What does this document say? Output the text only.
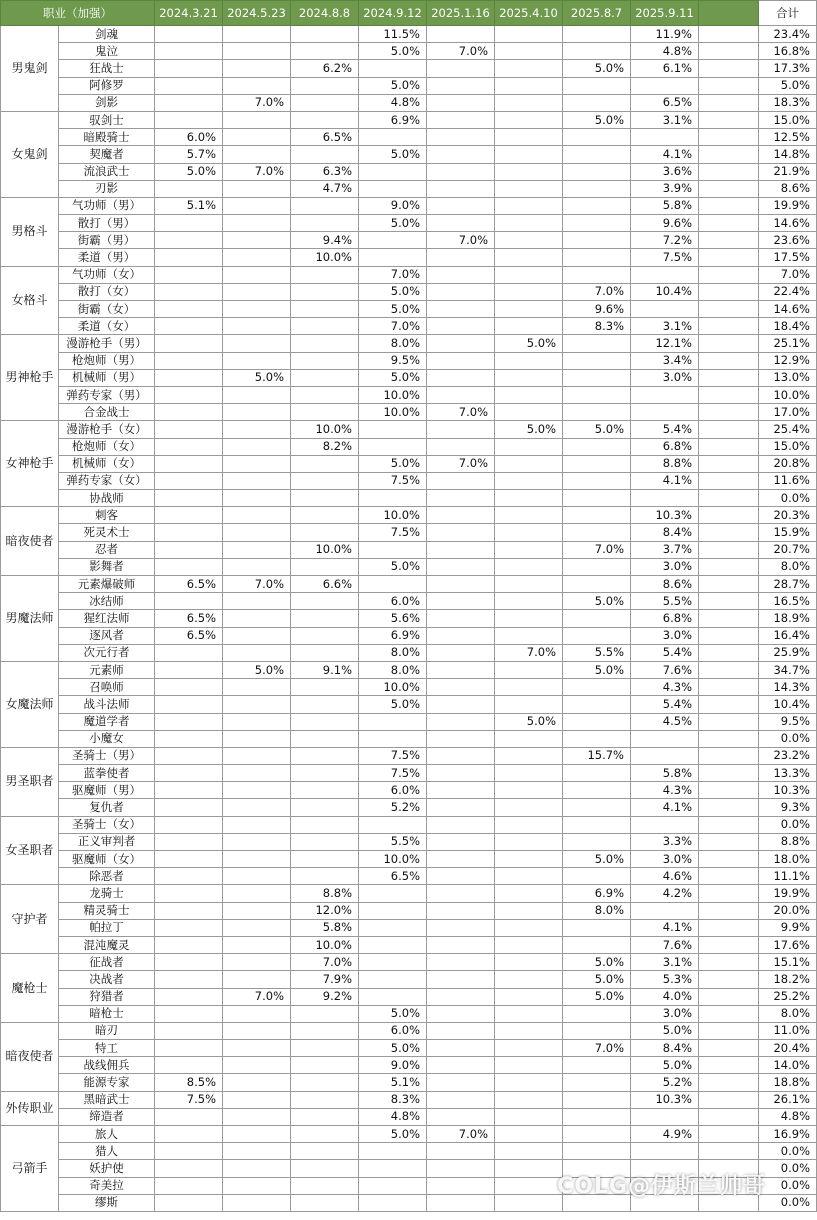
职业（加强）		2024.3.21	2024.5.23	2024.8.8	2024.9.12	2025.1.16	2025.4.10	2025.8.7	2025.9.11		合计
男鬼剑	剑魂				11.5%				11.9%		23.4%
	鬼泣				5.0%	7.0%			4.8%		16.8%
	狂战士			6.2%				5.0%	6.1%		17.3%
	阿修罗				5.0%						5.0%
	剑影		7.0%		4.8%				6.5%		18.3%
女鬼剑	驭剑士				6.9%			5.0%	3.1%		15.0%
	暗殿骑士	6.0%		6.5%							12.5%
	契魔者	5.7%			5.0%				4.1%		14.8%
	流浪武士	5.0%	7.0%	6.3%					3.6%		21.9%
	刃影			4.7%					3.9%		8.6%
男格斗	气功师（男）	5.1%			9.0%				5.8%		19.9%
	散打（男）				5.0%				9.6%		14.6%
	街霸（男）			9.4%		7.0%			7.2%		23.6%
	柔道（男）			10.0%					7.5%		17.5%
女格斗	气功师（女）				7.0%						7.0%
	散打（女）				5.0%			7.0%	10.4%		22.4%
	街霸（女）				5.0%			9.6%			14.6%
	柔道（女）				7.0%			8.3%	3.1%		18.4%
男神枪手	漫游枪手（男）				8.0%		5.0%		12.1%		25.1%
	枪炮师（男）				9.5%				3.4%		12.9%
	机械师（男）		5.0%		5.0%				3.0%		13.0%
	弹药专家（男）				10.0%						10.0%
	合金战士				10.0%	7.0%					17.0%
女神枪手	漫游枪手（女）			10.0%			5.0%	5.0%	5.4%		25.4%
	枪炮师（女）			8.2%					6.8%		15.0%
	机械师（女）				5.0%	7.0%			8.8%		20.8%
	弹药专家（女）				7.5%				4.1%		11.6%
	协战师										0.0%
暗夜使者	刺客				10.0%				10.3%		20.3%
	死灵术士				7.5%				8.4%		15.9%
	忍者			10.0%				7.0%	3.7%		20.7%
	影舞者				5.0%				3.0%		8.0%
男魔法师	元素爆破师	6.5%	7.0%	6.6%					8.6%		28.7%
	冰结师				6.0%			5.0%	5.5%		16.5%
	猩红法师	6.5%			5.6%				6.8%		18.9%
	逐风者	6.5%			6.9%				3.0%		16.4%
	次元行者				8.0%		7.0%	5.5%	5.4%		25.9%
女魔法师	元素师		5.0%	9.1%	8.0%			5.0%	7.6%		34.7%
	召唤师				10.0%				4.3%		14.3%
	战斗法师				5.0%				5.4%		10.4%
	魔道学者						5.0%		4.5%		9.5%
	小魔女										0.0%
男圣职者	圣骑士（男）				7.5%			15.7%			23.2%
	蓝拳使者				7.5%				5.8%		13.3%
	驱魔师（男）				6.0%				4.3%		10.3%
	复仇者				5.2%				4.1%		9.3%
女圣职者	圣骑士（女）										0.0%
	正义审判者				5.5%				3.3%		8.8%
	驱魔师（女）				10.0%			5.0%	3.0%		18.0%
	除恶者				6.5%				4.6%		11.1%
守护者	龙骑士			8.8%				6.9%	4.2%		19.9%
	精灵骑士			12.0%				8.0%			20.0%
	帕拉丁			5.8%					4.1%		9.9%
	混沌魔灵			10.0%					7.6%		17.6%
魔枪士	征战者			7.0%				5.0%	3.1%		15.1%
	决战者			7.9%				5.0%	5.3%		18.2%
	狩猎者		7.0%	9.2%				5.0%	4.0%		25.2%
	暗枪士				5.0%				3.0%		8.0%
暗夜使者	暗刃				6.0%				5.0%		11.0%
	特工				5.0%			7.0%	8.4%		20.4%
	战线佣兵				9.0%				5.0%		14.0%
	能源专家	8.5%			5.1%				5.2%		18.8%
外传职业	黑暗武士	7.5%			8.3%				10.3%		26.1%
	缔造者				4.8%						4.8%
弓箭手	旅人				5.0%	7.0%			4.9%		16.9%
	猎人										0.0%
	妖护使										0.0%
	奇美拉										0.0%
	缪斯										0.0%
COLG@伊斯兰帅哥
